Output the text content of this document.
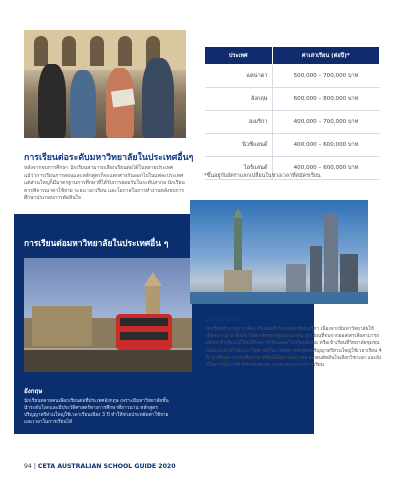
ประเทศ	ค่าเล่าเรียน (ต่อปี)*
แคนาดา	500,000 – 700,000 บาท
อังกฤษ	600,000 – 800,000 บาท
อเมริกา	400,000 – 700,000 บาท
นิวซีแลนด์	400,000 – 600,000 บาท
ไอร์แลนด์	400,000 – 600,000 บาท
*ขึ้นอยู่กับอัตราแลกเปลี่ยนในช่วงเวลาที่สมัครเรียน
การเรียนต่อระดับมหาวิทยาลัยในประเทศอื่นๆ
หลังจากจบการศึกษา นักเรียนสามารถเลือกเรียนต่อได้ในหลายประเทศ แม้ว่าการเรียนการสอนและหลักสูตรก็จะแตกต่างกันออกไปในแต่ละประเทศ แต่ส่วนใหญ่ก็มีมาตรฐานการศึกษาที่ได้รับการยอมรับในระดับสากล นักเรียนควรพิจารณาค่าใช้จ่าย ระยะเวลาเรียน และโอกาสในการทำงานหลังจบการศึกษาประกอบการตัดสินใจ
การเรียนต่อมหาวิทยาลัยในประเทศอื่น ๆ
อังกฤษ
นักเรียนหลายคนเลือกเรียนต่อที่ประเทศอังกฤษ เพราะมีมหาวิทยาลัยชั้นนำระดับโลกและมีประวัติศาสตร์ทางการศึกษาที่ยาวนาน หลักสูตรปริญญาตรีส่วนใหญ่ใช้เวลาเรียนเพียง 3 ปี ทำให้ช่วยประหยัดค่าใช้จ่ายและเวลาในการเรียนได้
สหรัฐอเมริกา
นักเรียนจำนวนมากเลือกเรียนต่อที่ประเทศสหรัฐอเมริกา เนื่องจากมีมหาวิทยาลัยให้เลือกมากมาย ทั้งมหาวิทยาลัยของรัฐและเอกชน นักเรียนที่จบจากออสเตรเลียสามารถสมัครเข้าเรียนได้โดยใช้ผลการเรียนของโรงเรียนมัธยม หรือเข้าเรียนที่วิทยาลัยชุมชนก่อนแล้วย้ายไปยังมหาวิทยาลัยในภายหลัง หลักสูตรปริญญาตรีส่วนใหญ่ใช้เวลาเรียน 4 ปี นักเรียนสามารถเลือกวิชาเรียนได้อย่างหลากหลายก่อนตัดสินใจเลือกวิชาเอก และยังมีโอกาสในการทำกิจกรรมต่างๆ มากมายระหว่างการเรียน
94 | CETA AUSTRALIAN SCHOOL GUIDE 2020
